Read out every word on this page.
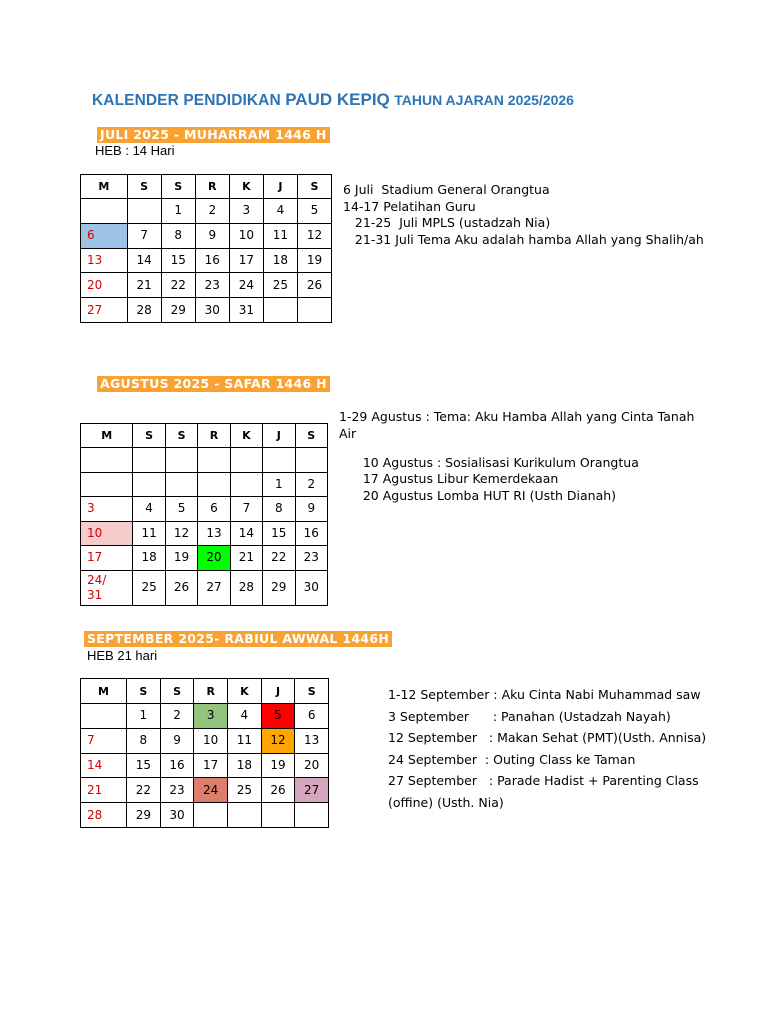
KALENDER PENDIDIKAN PAUD KEPIQ TAHUN AJARAN 2025/2026
JULI 2025 - MUHARRAM 1446 H
HEB : 14 Hari
M	S	S	R	K	J	S
		1	2	3	4	5
6	7	8	9	10	11	12
13	14	15	16	17	18	19
20	21	22	23	24	25	26
27	28	29	30	31		
6 Juli  Stadium General Orangtua
14-17 Pelatihan Guru
21-25  Juli MPLS (ustadzah Nia)
21-31 Juli Tema Aku adalah hamba Allah yang Shalih/ah
AGUSTUS 2025 - SAFAR 1446 H
M	S	S	R	K	J	S

					1	2
3	4	5	6	7	8	9
10	11	12	13	14	15	16
17	18	19	20	21	22	23
24/
31	25	26	27	28	29	30
1-29 Agustus : Tema: Aku Hamba Allah yang Cinta Tanah
Air
10 Agustus : Sosialisasi Kurikulum Orangtua
17 Agustus Libur Kemerdekaan
20 Agustus Lomba HUT RI (Usth Dianah)
SEPTEMBER 2025- RABIUL AWWAL 1446H
HEB 21 hari
M	S	S	R	K	J	S
	1	2	3	4	5	6
7	8	9	10	11	12	13
14	15	16	17	18	19	20
21	22	23	24	25	26	27
28	29	30				
1-12 September : Aku Cinta Nabi Muhammad saw
3 September      : Panahan (Ustadzah Nayah)
12 September   : Makan Sehat (PMT)(Usth. Annisa)
24 September  : Outing Class ke Taman
27 September   : Parade Hadist + Parenting Class
(offine) (Usth. Nia)
